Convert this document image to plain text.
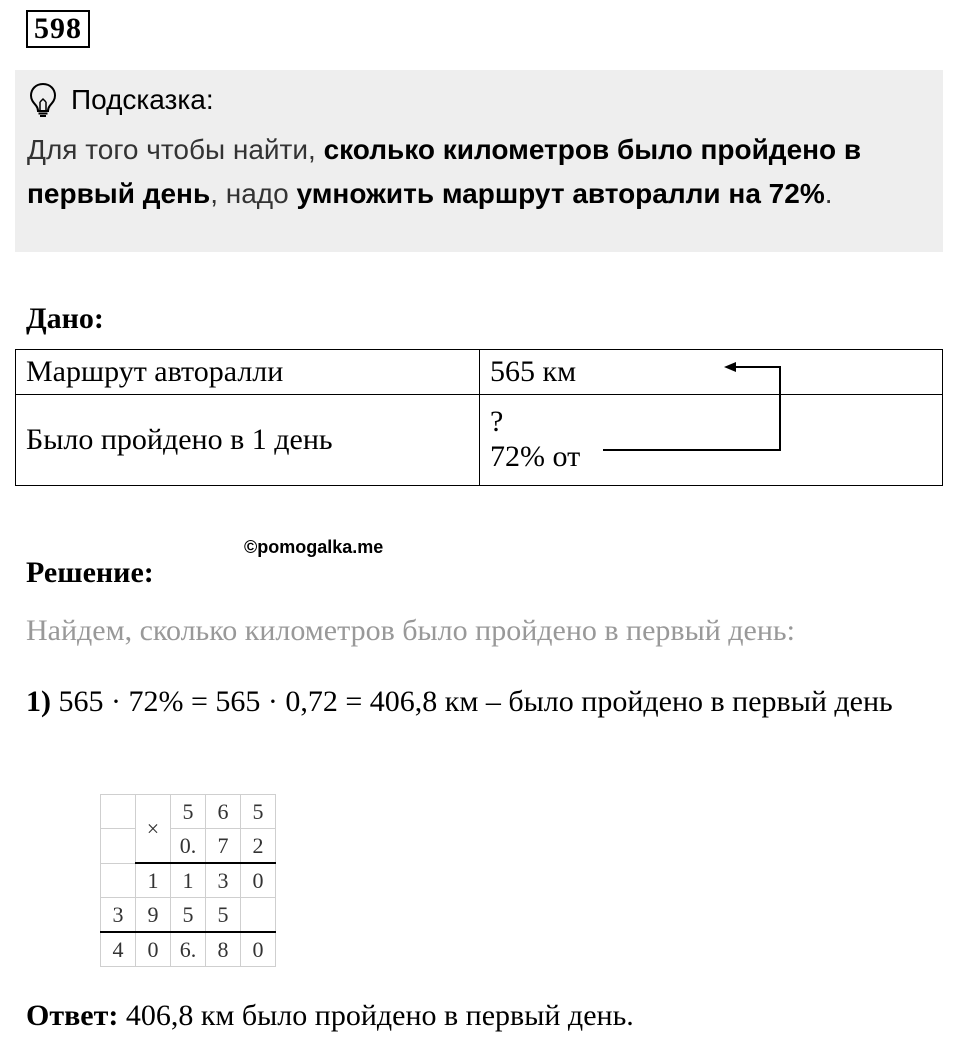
598
Подсказка:
Для того чтобы найти, сколько километров было пройдено в первый день, надо умножить маршрут авторалли на 72%.
Дано:
Маршрут авторалли	565 км
Было пройдено в 1 день	?
72% от
©pomogalka.me
Решение:
Найдем, сколько километров было пройдено в первый день:
1) 565 · 72% = 565 · 0,72 = 406,8 км – было пройдено в первый день
	×	5	6	5
		0.	7	2
	1	1	3	0
3	9	5	5	
4	0	6.	8	0
Ответ: 406,8 км было пройдено в первый день.
